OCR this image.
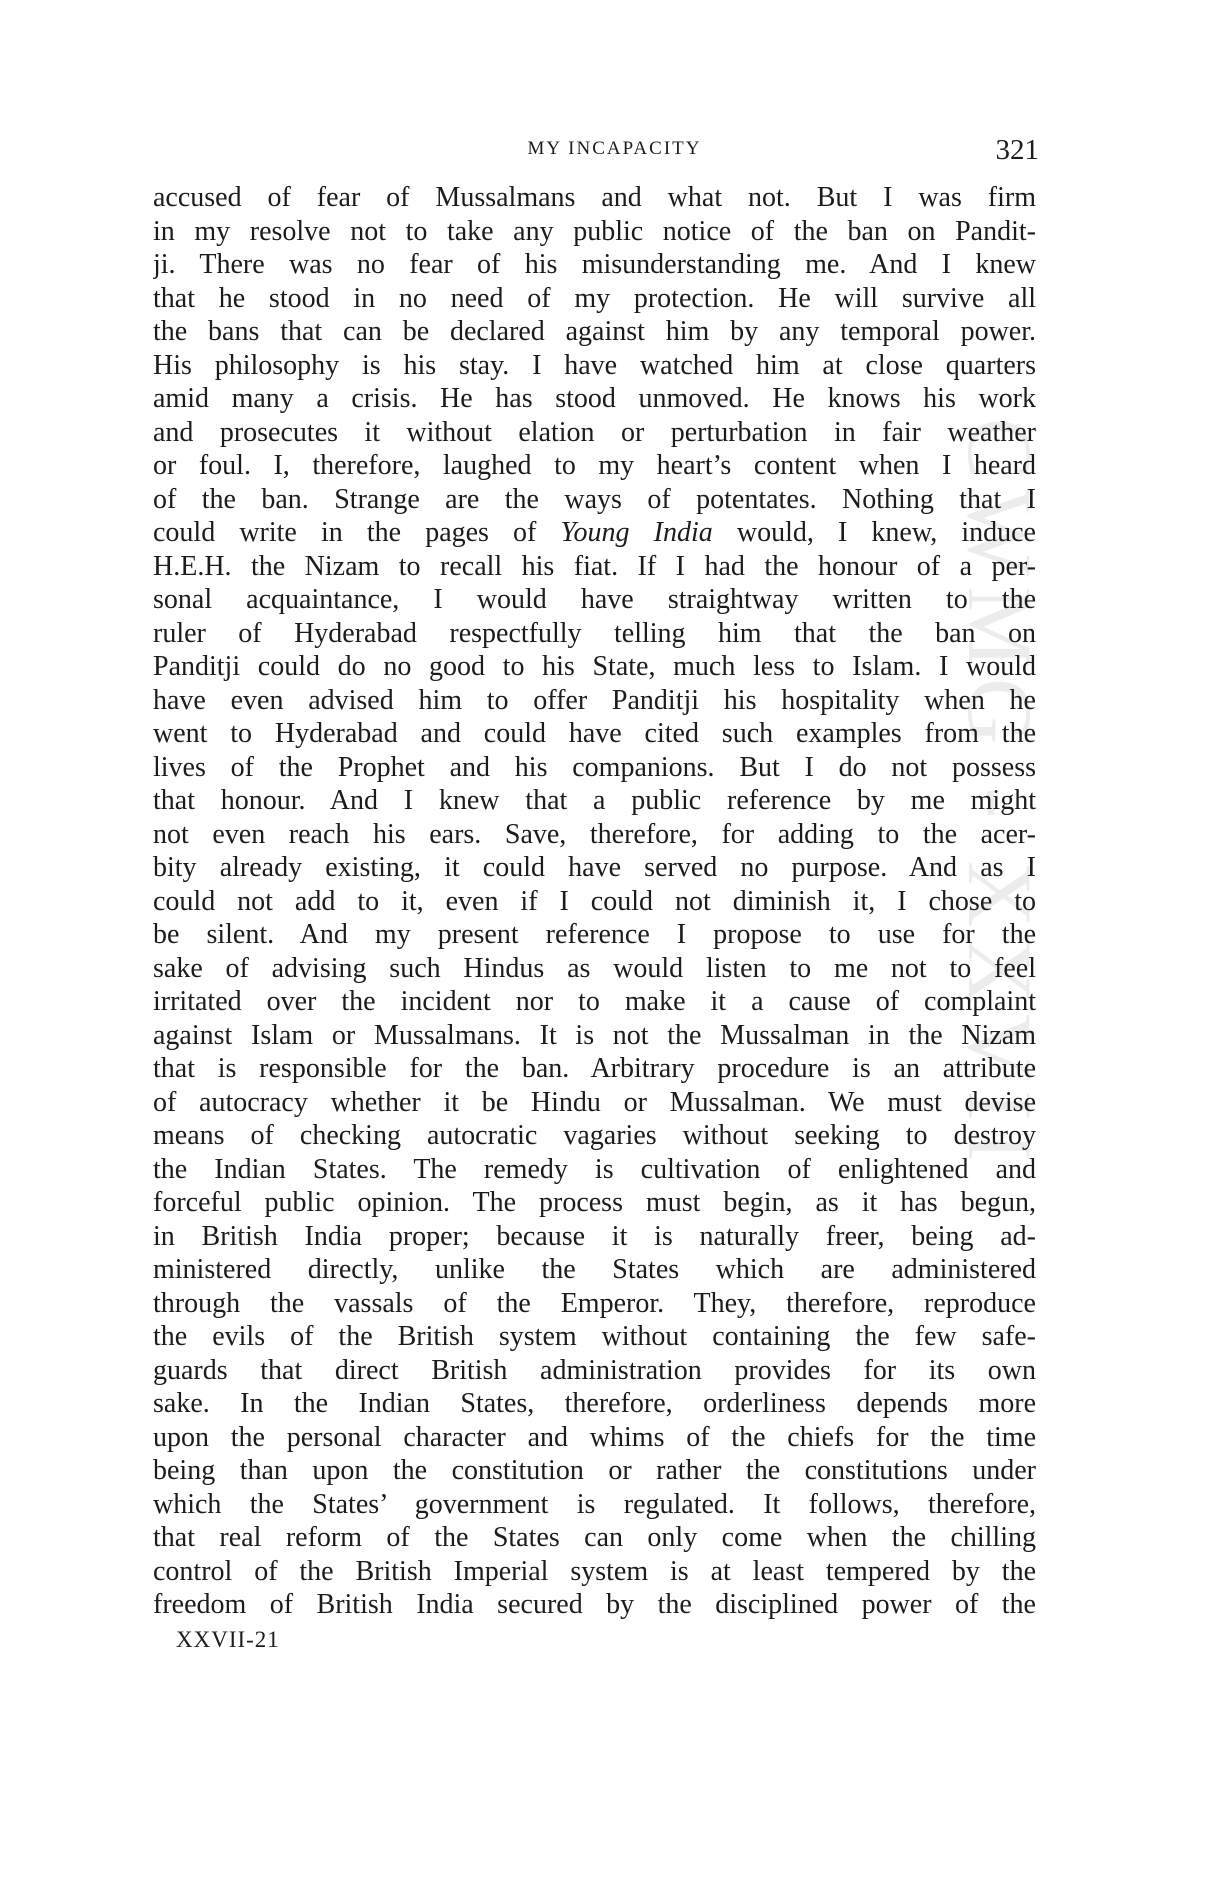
MY INCAPACITY	321
CWMG - XXVII
accused of fear of Mussalmans and what not. But I was firm
in my resolve not to take any public notice of the ban on Pandit-
ji. There was no fear of his misunderstanding me. And I knew
that he stood in no need of my protection. He will survive all
the bans that can be declared against him by any temporal power.
His philosophy is his stay. I have watched him at close quarters
amid many a crisis. He has stood unmoved. He knows his work
and prosecutes it without elation or perturbation in fair weather
or foul. I, therefore, laughed to my heart’s content when I heard
of the ban. Strange are the ways of potentates. Nothing that I
could write in the pages of Young India would, I knew, induce
H.E.H. the Nizam to recall his fiat. If I had the honour of a per-
sonal acquaintance, I would have straightway written to the
ruler of Hyderabad respectfully telling him that the ban on
Panditji could do no good to his State, much less to Islam. I would
have even advised him to offer Panditji his hospitality when he
went to Hyderabad and could have cited such examples from the
lives of the Prophet and his companions. But I do not possess
that honour. And I knew that a public reference by me might
not even reach his ears. Save, therefore, for adding to the acer-
bity already existing, it could have served no purpose. And as I
could not add to it, even if I could not diminish it, I chose to
be silent. And my present reference I propose to use for the
sake of advising such Hindus as would listen to me not to feel
irritated over the incident nor to make it a cause of complaint
against Islam or Mussalmans. It is not the Mussalman in the Nizam
that is responsible for the ban. Arbitrary procedure is an attribute
of autocracy whether it be Hindu or Mussalman. We must devise
means of checking autocratic vagaries without seeking to destroy
the Indian States. The remedy is cultivation of enlightened and
forceful public opinion. The process must begin, as it has begun,
in British India proper; because it is naturally freer, being ad-
ministered directly, unlike the States which are administered
through the vassals of the Emperor. They, therefore, reproduce
the evils of the British system without containing the few safe-
guards that direct British administration provides for its own
sake. In the Indian States, therefore, orderliness depends more
upon the personal character and whims of the chiefs for the time
being than upon the constitution or rather the constitutions under
which the States’ government is regulated. It follows, therefore,
that real reform of the States can only come when the chilling
control of the British Imperial system is at least tempered by the
freedom of British India secured by the disciplined power of the
XXVII-21
